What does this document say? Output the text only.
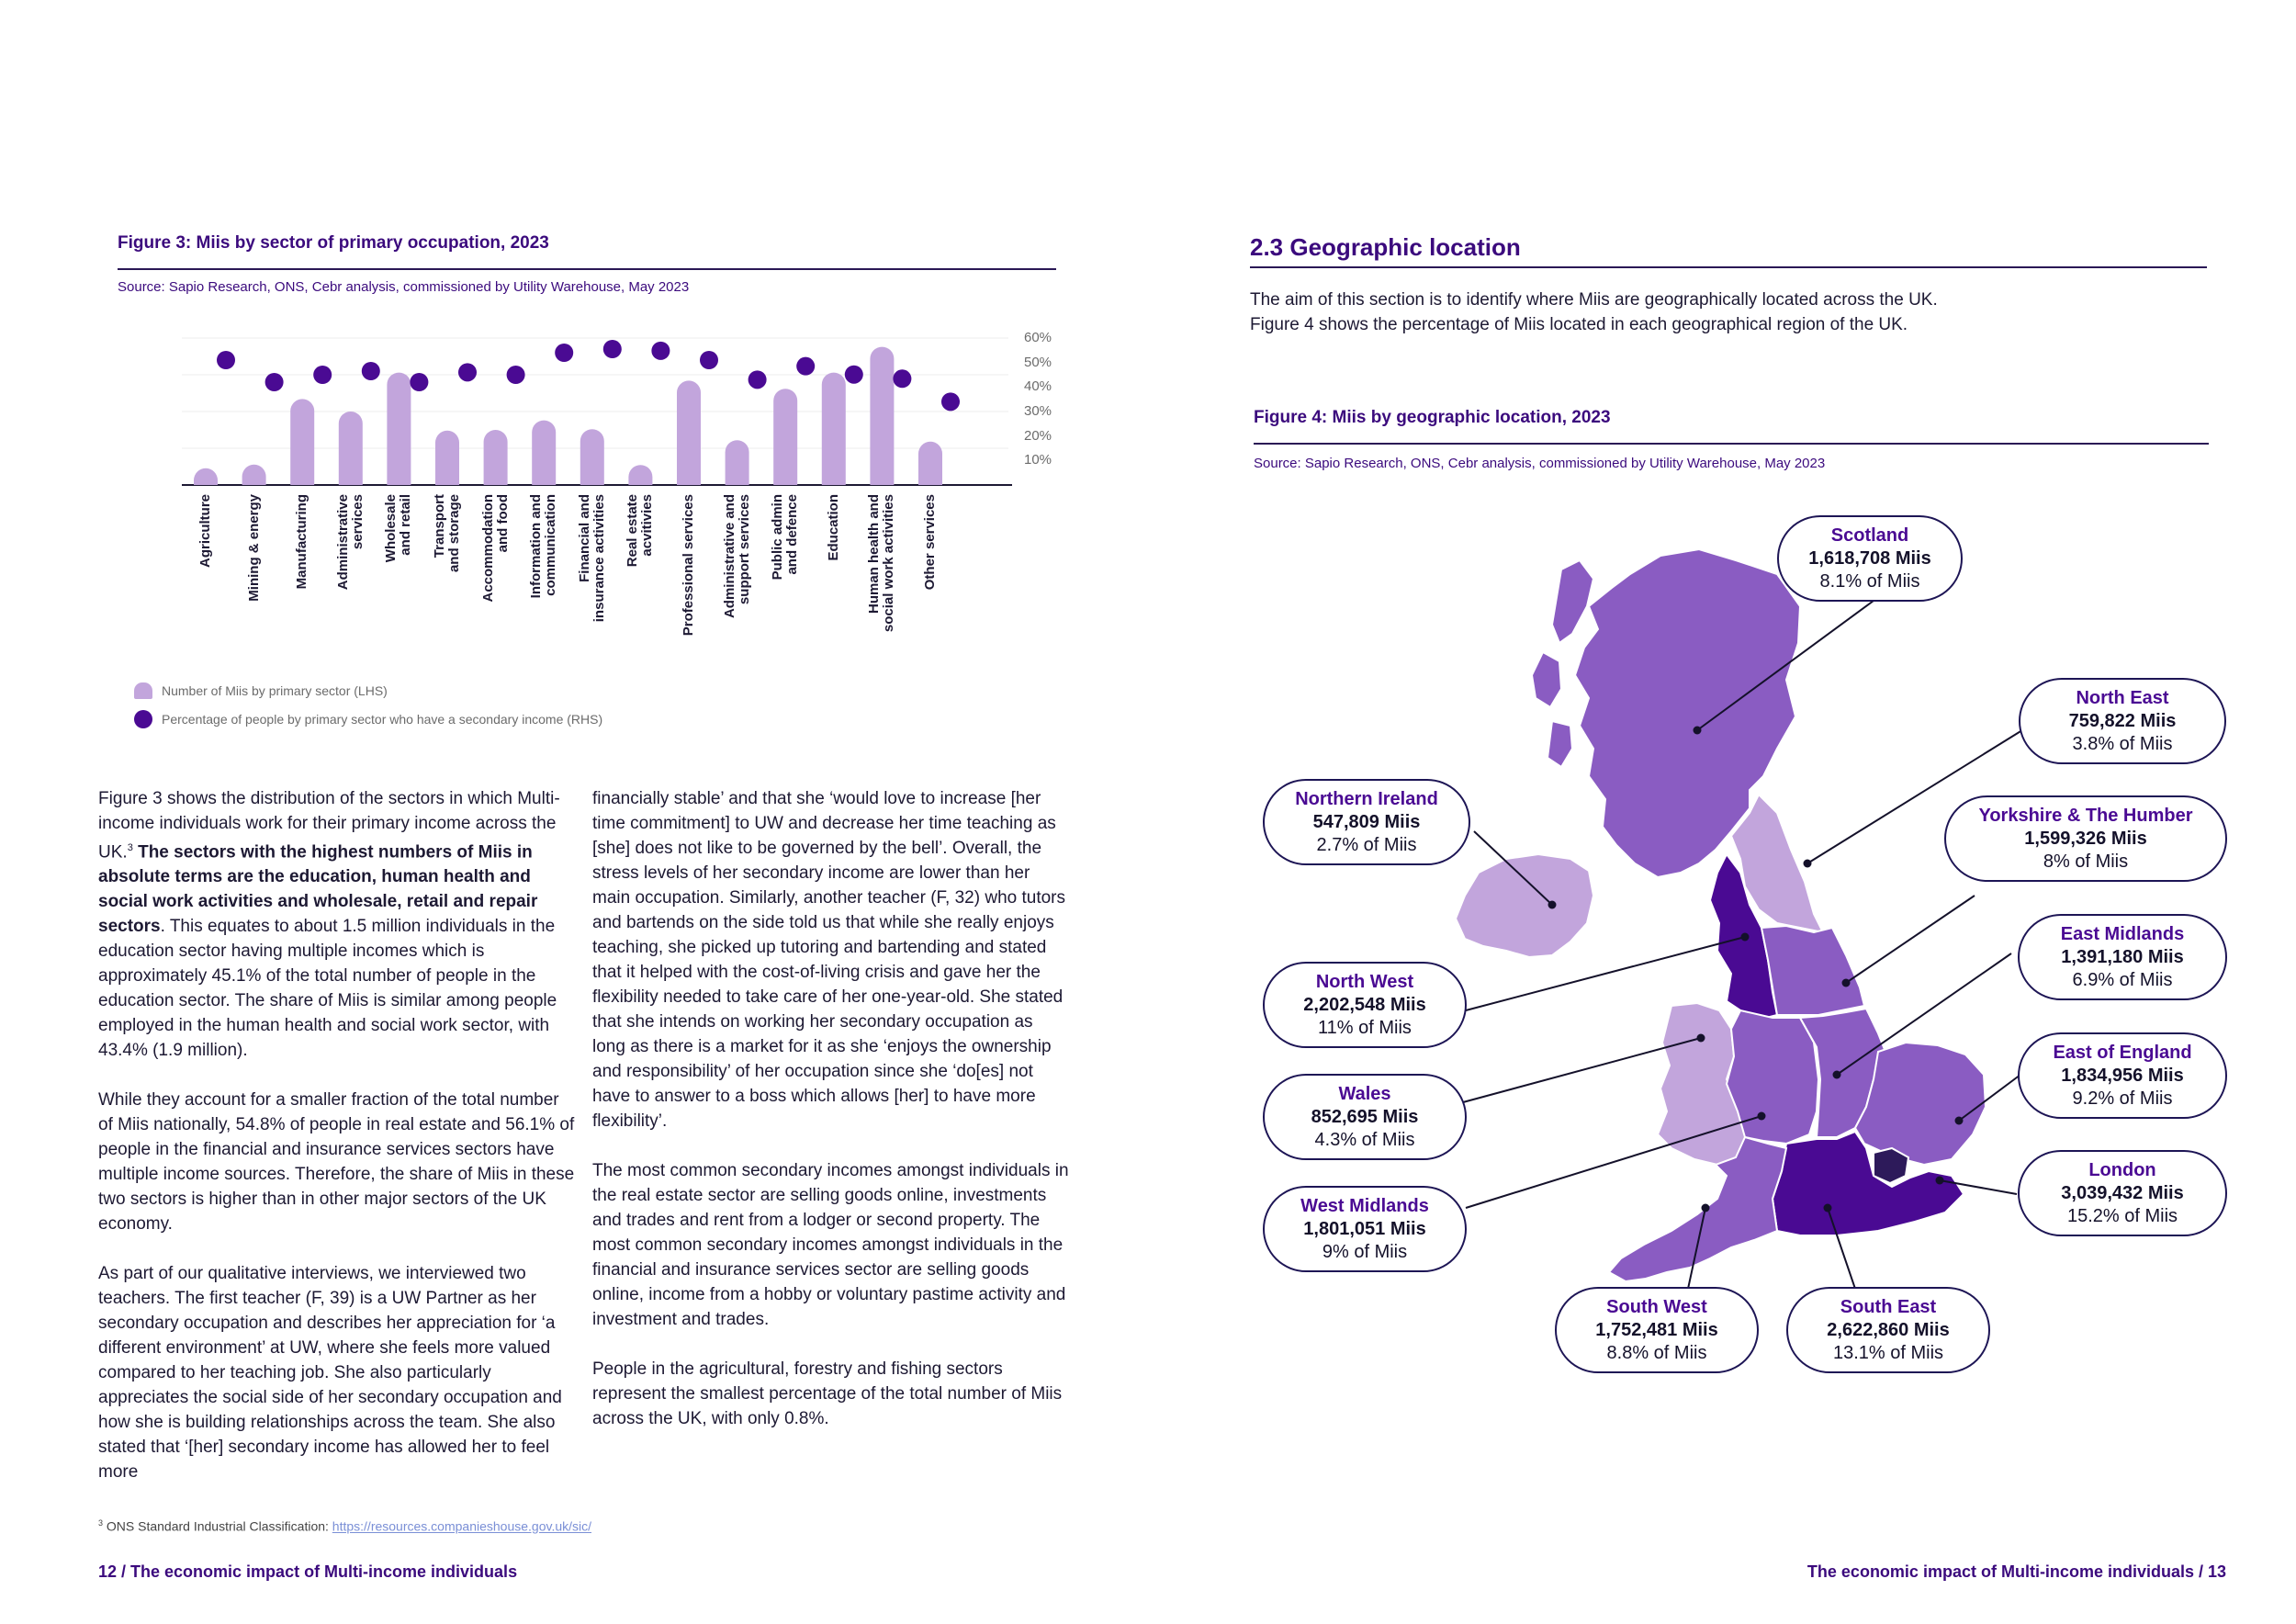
Figure 3: Miis by sector of primary occupation, 2023
Source: Sapio Research, ONS, Cebr analysis, commissioned by Utility Warehouse, May 2023
10%
20%
30%
40%
50%
60%
Agriculture Mining & energy Manufacturing Administrative services Wholesale and retail Transport and storage Accommodation and food Information and communication Financial and insurance activities Real estate acvitivies Professional services Administrative and support services Public admin and defence Education Human health and social work activities Other services
Number of Miis by primary sector (LHS)
Percentage of people by primary sector who have a secondary income (RHS)

Figure 3 shows the distribution of the sectors in which Multi-income individuals work for their primary income across the UK.$^3$ The sectors with the highest numbers of Miis in absolute terms are the education, human health and social work activities and wholesale, retail and repair sectors. This equates to about 1.5 million individuals in the education sector having multiple incomes which is approximately 45.1% of the total number of people in the education sector. The share of Miis is similar among people employed in the human health and social work sector, with 43.4% (1.9 million).

While they account for a smaller fraction of the total number of Miis nationally, 54.8% of people in real estate and 56.1% of people in the financial and insurance services sectors have multiple income sources. Therefore, the share of Miis in these two sectors is higher than in other major sectors of the UK economy.

As part of our qualitative interviews, we interviewed two teachers. The first teacher (F, 39) is a UW Partner as her secondary occupation and describes her appreciation for ‘a different environment’ at UW, where she feels more valued compared to her teaching job. She also particularly appreciates the social side of her secondary occupation and how she is building relationships across the team. She also stated that ‘[her] secondary income has allowed her to feel more

financially stable’ and that she ‘would love to increase [her time commitment] to UW and decrease her time teaching as [she] does not like to be governed by the bell’. Overall, the stress levels of her secondary income are lower than her main occupation. Similarly, another teacher (F, 32) who tutors and bartends on the side told us that while she really enjoys teaching, she picked up tutoring and bartending and stated that it helped with the cost-of-living crisis and gave her the flexibility needed to take care of her one-year-old. She stated that she intends on working her secondary occupation as long as there is a market for it as she ‘enjoys the ownership and responsibility’ of her occupation since she ‘do[es] not have to answer to a boss which allows [her] to have more flexibility’.

The most common secondary incomes amongst individuals in the real estate sector are selling goods online, investments and trades and rent from a lodger or second property. The most common secondary incomes amongst individuals in the financial and insurance services sector are selling goods online, income from a hobby or voluntary pastime activity and investment and trades.

People in the agricultural, forestry and fishing sectors represent the smallest percentage of the total number of Miis across the UK, with only 0.8%.

$^3$ ONS Standard Industrial Classification: https://resources.companieshouse.gov.uk/sic/
12 / The economic impact of Multi-income individuals
2.3 Geographic location
The aim of this section is to identify where Miis are geographically located across the UK.
Figure 4 shows the percentage of Miis located in each geographical region of the UK.
Figure 4: Miis by geographic location, 2023
Source: Sapio Research, ONS, Cebr analysis, commissioned by Utility Warehouse, May 2023
Scotland
1,618,708 Miis
8.1% of Miis
North East
759,822 Miis
3.8% of Miis
Northern Ireland
547,809 Miis
2.7% of Miis
Yorkshire & The Humber
1,599,326 Miis
8% of Miis
East Midlands
1,391,180 Miis
6.9% of Miis
North West
2,202,548 Miis
11% of Miis
East of England
1,834,956 Miis
9.2% of Miis
Wales
852,695 Miis
4.3% of Miis
London
3,039,432 Miis
15.2% of Miis
West Midlands
1,801,051 Miis
9% of Miis
South West
1,752,481 Miis
8.8% of Miis
South East
2,622,860 Miis
13.1% of Miis
The economic impact of Multi-income individuals / 13
